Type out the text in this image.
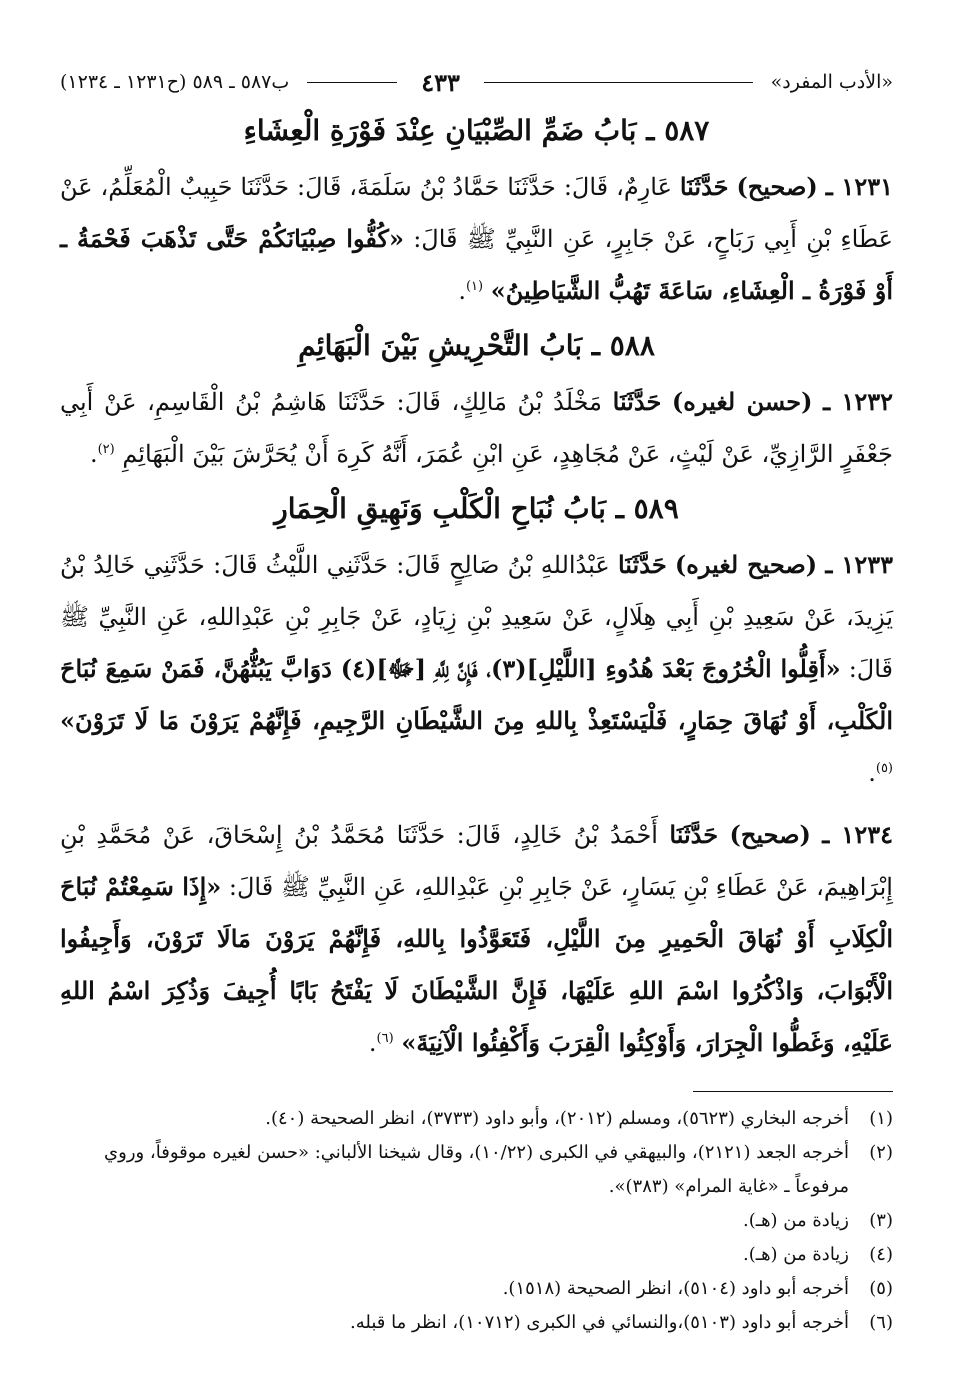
«الأدب المفرد»
٤٣٣
ب٥٨٧ ـ ٥٨٩ (ح١٢٣١ ـ ١٢٣٤)
٥٨٧ ـ بَابُ ضَمِّ الصِّبْيَانِ عِنْدَ فَوْرَةِ الْعِشَاءِ

١٢٣١ ـ (صحيح) حَدَّثَنَا عَارِمٌ، قَالَ: حَدَّثَنَا حَمَّادُ بْنُ سَلَمَةَ، قَالَ: حَدَّثَنَا حَبِيبٌ الْمُعَلِّمُ، عَنْ عَطَاءِ بْنِ أَبِي رَبَاحٍ، عَنْ جَابِرٍ، عَنِ النَّبِيِّ ﷺ قَالَ: «كُفُّوا صِبْيَانَكُمْ حَتَّى تَذْهَبَ فَحْمَةُ ـ أَوْ فَوْرَةُ ـ الْعِشَاءِ، سَاعَةَ تَهُبُّ الشَّيَاطِينُ» $^{(١)}$.

٥٨٨ ـ بَابُ التَّحْرِيشِ بَيْنَ الْبَهَائِمِ

١٢٣٢ ـ (حسن لغيره) حَدَّثَنَا مَخْلَدُ بْنُ مَالِكٍ، قَالَ: حَدَّثَنَا هَاشِمُ بْنُ الْقَاسِمِ، عَنْ أَبِي جَعْفَرٍ الرَّازِيِّ، عَنْ لَيْثٍ، عَنْ مُجَاهِدٍ، عَنِ ابْنِ عُمَرَ، أَنَّهُ كَرِهَ أَنْ يُحَرَّشَ بَيْنَ الْبَهَائِمِ $^{(٢)}$.

٥٨٩ ـ بَابُ نُبَاحِ الْكَلْبِ وَنَهِيقِ الْحِمَارِ

١٢٣٣ ـ (صحيح لغيره) حَدَّثَنَا عَبْدُاللهِ بْنُ صَالِحٍ قَالَ: حَدَّثَنِي اللَّيْثُ قَالَ: حَدَّثَنِي خَالِدُ بْنُ يَزِيدَ، عَنْ سَعِيدِ بْنِ أَبِي هِلَالٍ، عَنْ سَعِيدِ بْنِ زِيَادٍ، عَنْ جَابِرِ بْنِ عَبْدِاللهِ، عَنِ النَّبِيِّ ﷺ قَالَ: «أَقِلُّوا الْخُرُوجَ بَعْدَ هُدُوءِ [اللَّيْلِ](٣)، فَإِنَّ لِلَّهِ [ﷻ](٤) دَوَابَّ يَبُثُّهُنَّ، فَمَنْ سَمِعَ نُبَاحَ الْكَلْبِ، أَوْ نُهَاقَ حِمَارٍ، فَلْيَسْتَعِذْ بِاللهِ مِنَ الشَّيْطَانِ الرَّجِيمِ، فَإِنَّهُمْ يَرَوْنَ مَا لَا تَرَوْنَ» $^{(٥)}$.

١٢٣٤ ـ (صحيح) حَدَّثَنَا أَحْمَدُ بْنُ خَالِدٍ، قَالَ: حَدَّثَنَا مُحَمَّدُ بْنُ إِسْحَاقَ، عَنْ مُحَمَّدِ بْنِ إِبْرَاهِيمَ، عَنْ عَطَاءِ بْنِ يَسَارٍ، عَنْ جَابِرِ بْنِ عَبْدِاللهِ، عَنِ النَّبِيِّ ﷺ قَالَ: «إِذَا سَمِعْتُمْ نُبَاحَ الْكِلَابِ أَوْ نُهَاقَ الْحَمِيرِ مِنَ اللَّيْلِ، فَتَعَوَّذُوا بِاللهِ، فَإِنَّهُمْ يَرَوْنَ مَالَا تَرَوْنَ، وَأَجِيفُوا الْأَبْوَابَ، وَاذْكُرُوا اسْمَ اللهِ عَلَيْهَا، فَإِنَّ الشَّيْطَانَ لَا يَفْتَحُ بَابًا أُجِيفَ وَذُكِرَ اسْمُ اللهِ عَلَيْهِ، وَغَطُّوا الْجِرَارَ، وَأَوْكِئُوا الْقِرَبَ وَأَكْفِئُوا الْآنِيَةَ» $^{(٦)}$.

(١)
أخرجه البخاري (٥٦٢٣)، ومسلم (٢٠١٢)، وأبو داود (٣٧٣٣)، انظر الصحيحة (٤٠).
(٢)
أخرجه الجعد (٢١٢١)، والبيهقي في الكبرى (١٠/٢٢)، وقال شيخنا الألباني: «حسن لغيره موقوفاً، وروي مرفوعاً ـ «غاية المرام» (٣٨٣)».
(٣)
زيادة من (هـ).
(٤)
زيادة من (هـ).
(٥)
أخرجه أبو داود (٥١٠٤)، انظر الصحيحة (١٥١٨).
(٦)
أخرجه أبو داود (٥١٠٣)،والنسائي في الكبرى (١٠٧١٢)، انظر ما قبله.
